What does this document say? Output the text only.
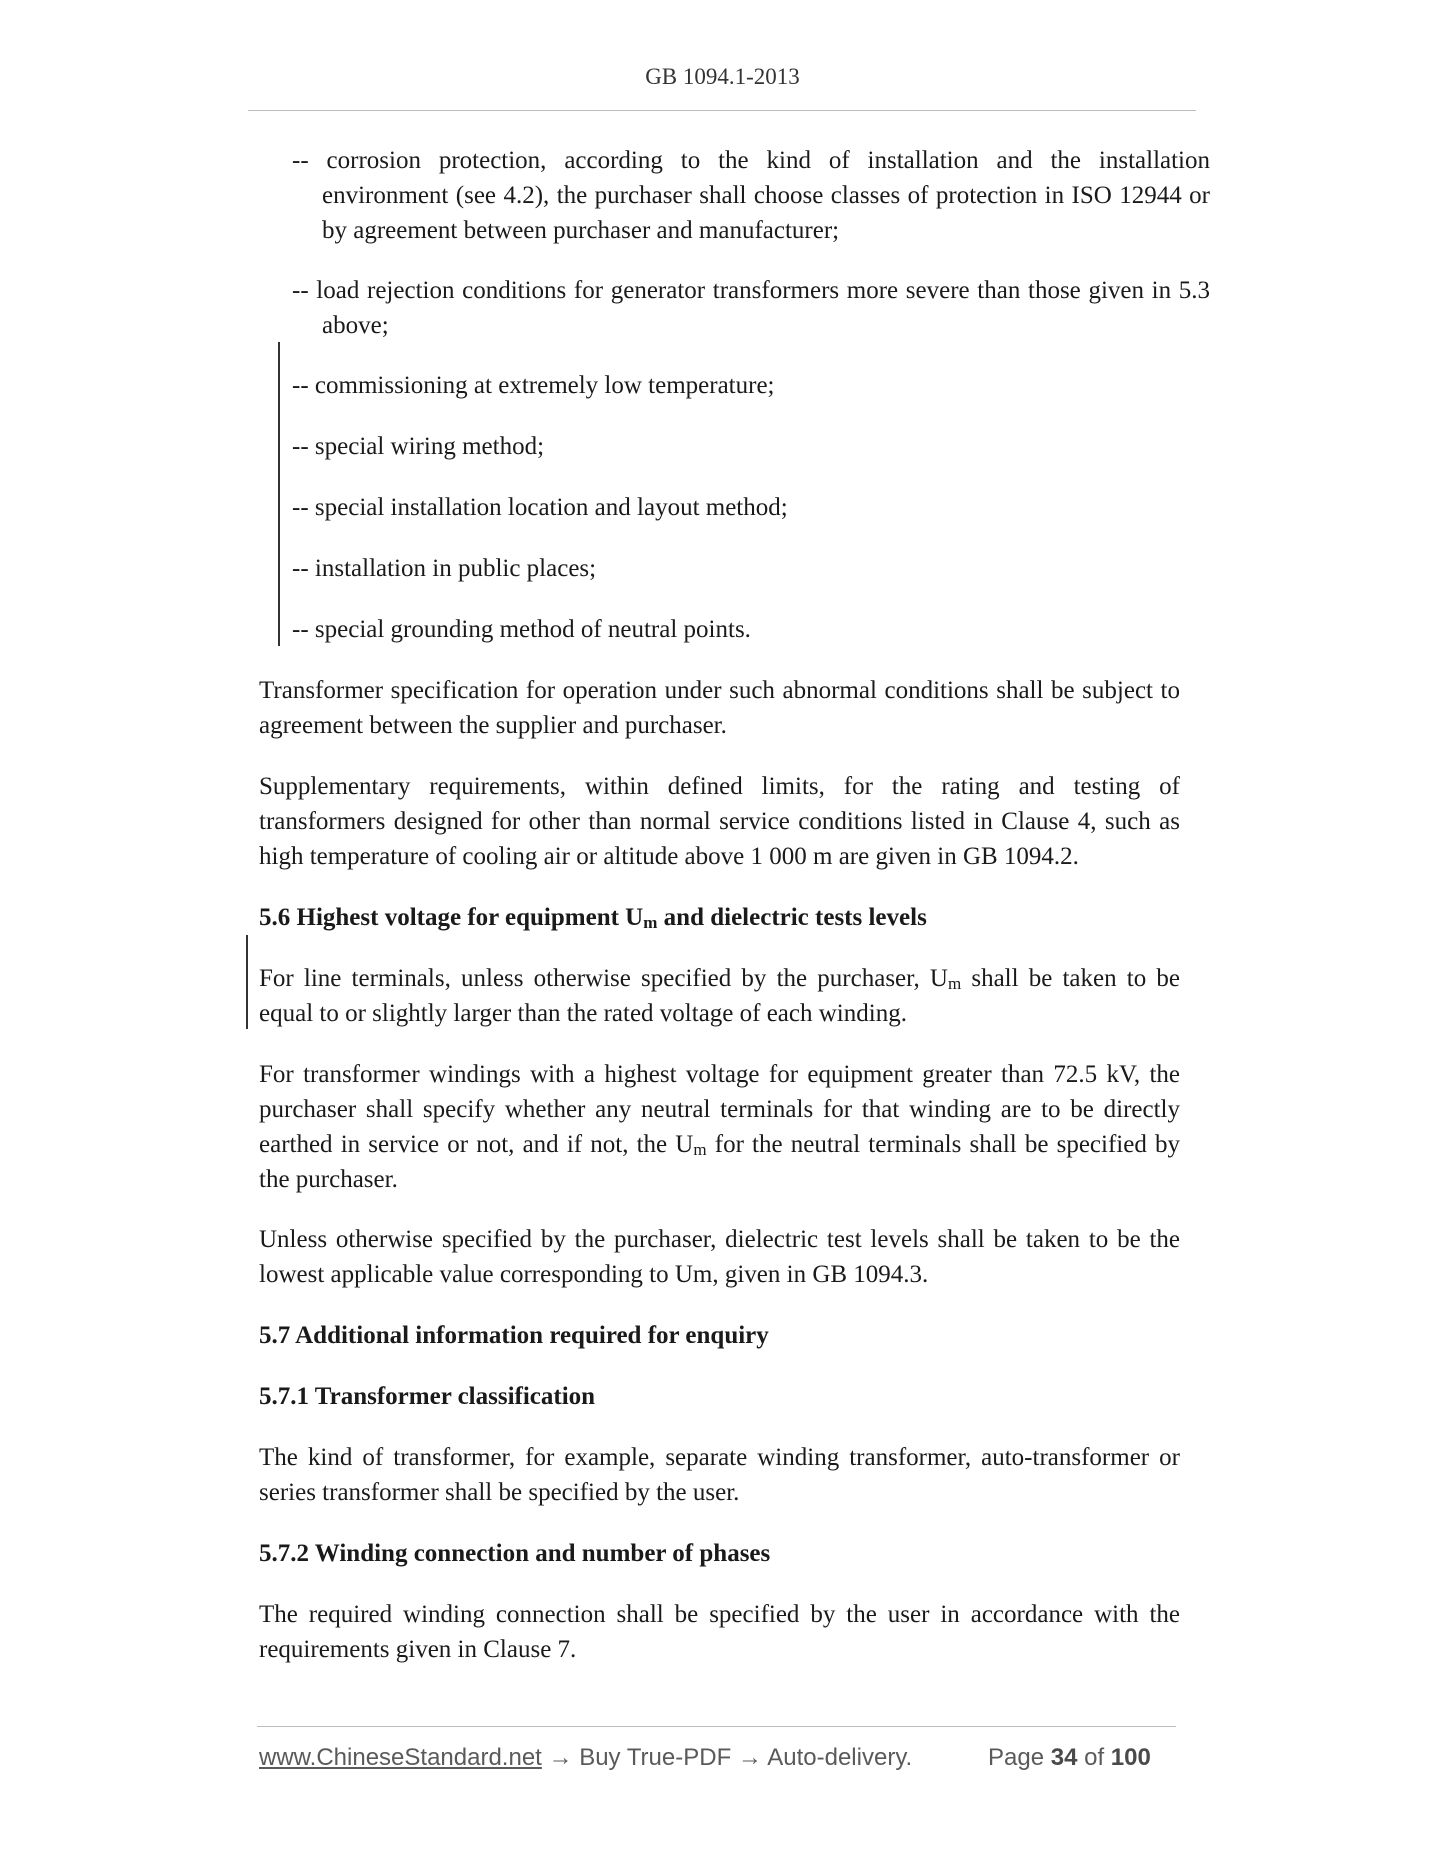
GB 1094.1-2013

-- corrosion protection, according to the kind of installation and the installation environment (see 4.2), the purchaser shall choose classes of protection in ISO 12944 or by agreement between purchaser and manufacturer;

-- load rejection conditions for generator transformers more severe than those given in 5.3 above;

-- commissioning at extremely low temperature;

-- special wiring method;

-- special installation location and layout method;

-- installation in public places;

-- special grounding method of neutral points.

Transformer specification for operation under such abnormal conditions shall be subject to agreement between the supplier and purchaser.

Supplementary requirements, within defined limits, for the rating and testing of transformers designed for other than normal service conditions listed in Clause 4, such as high temperature of cooling air or altitude above 1 000 m are given in GB 1094.2.

5.6 Highest voltage for equipment $U_m$ and dielectric tests levels

For line terminals, unless otherwise specified by the purchaser, $U_m$ shall be taken to be equal to or slightly larger than the rated voltage of each winding.

For transformer windings with a highest voltage for equipment greater than 72.5 kV, the purchaser shall specify whether any neutral terminals for that winding are to be directly earthed in service or not, and if not, the $U_m$ for the neutral terminals shall be specified by the purchaser.

Unless otherwise specified by the purchaser, dielectric test levels shall be taken to be the lowest applicable value corresponding to Um, given in GB 1094.3.

5.7 Additional information required for enquiry
5.7.1 Transformer classification

The kind of transformer, for example, separate winding transformer, auto-transformer or series transformer shall be specified by the user.

5.7.2 Winding connection and number of phases

The required winding connection shall be specified by the user in accordance with the requirements given in Clause 7.

www.ChineseStandard.net → Buy True-PDF → Auto-delivery.	Page 34 of 100
